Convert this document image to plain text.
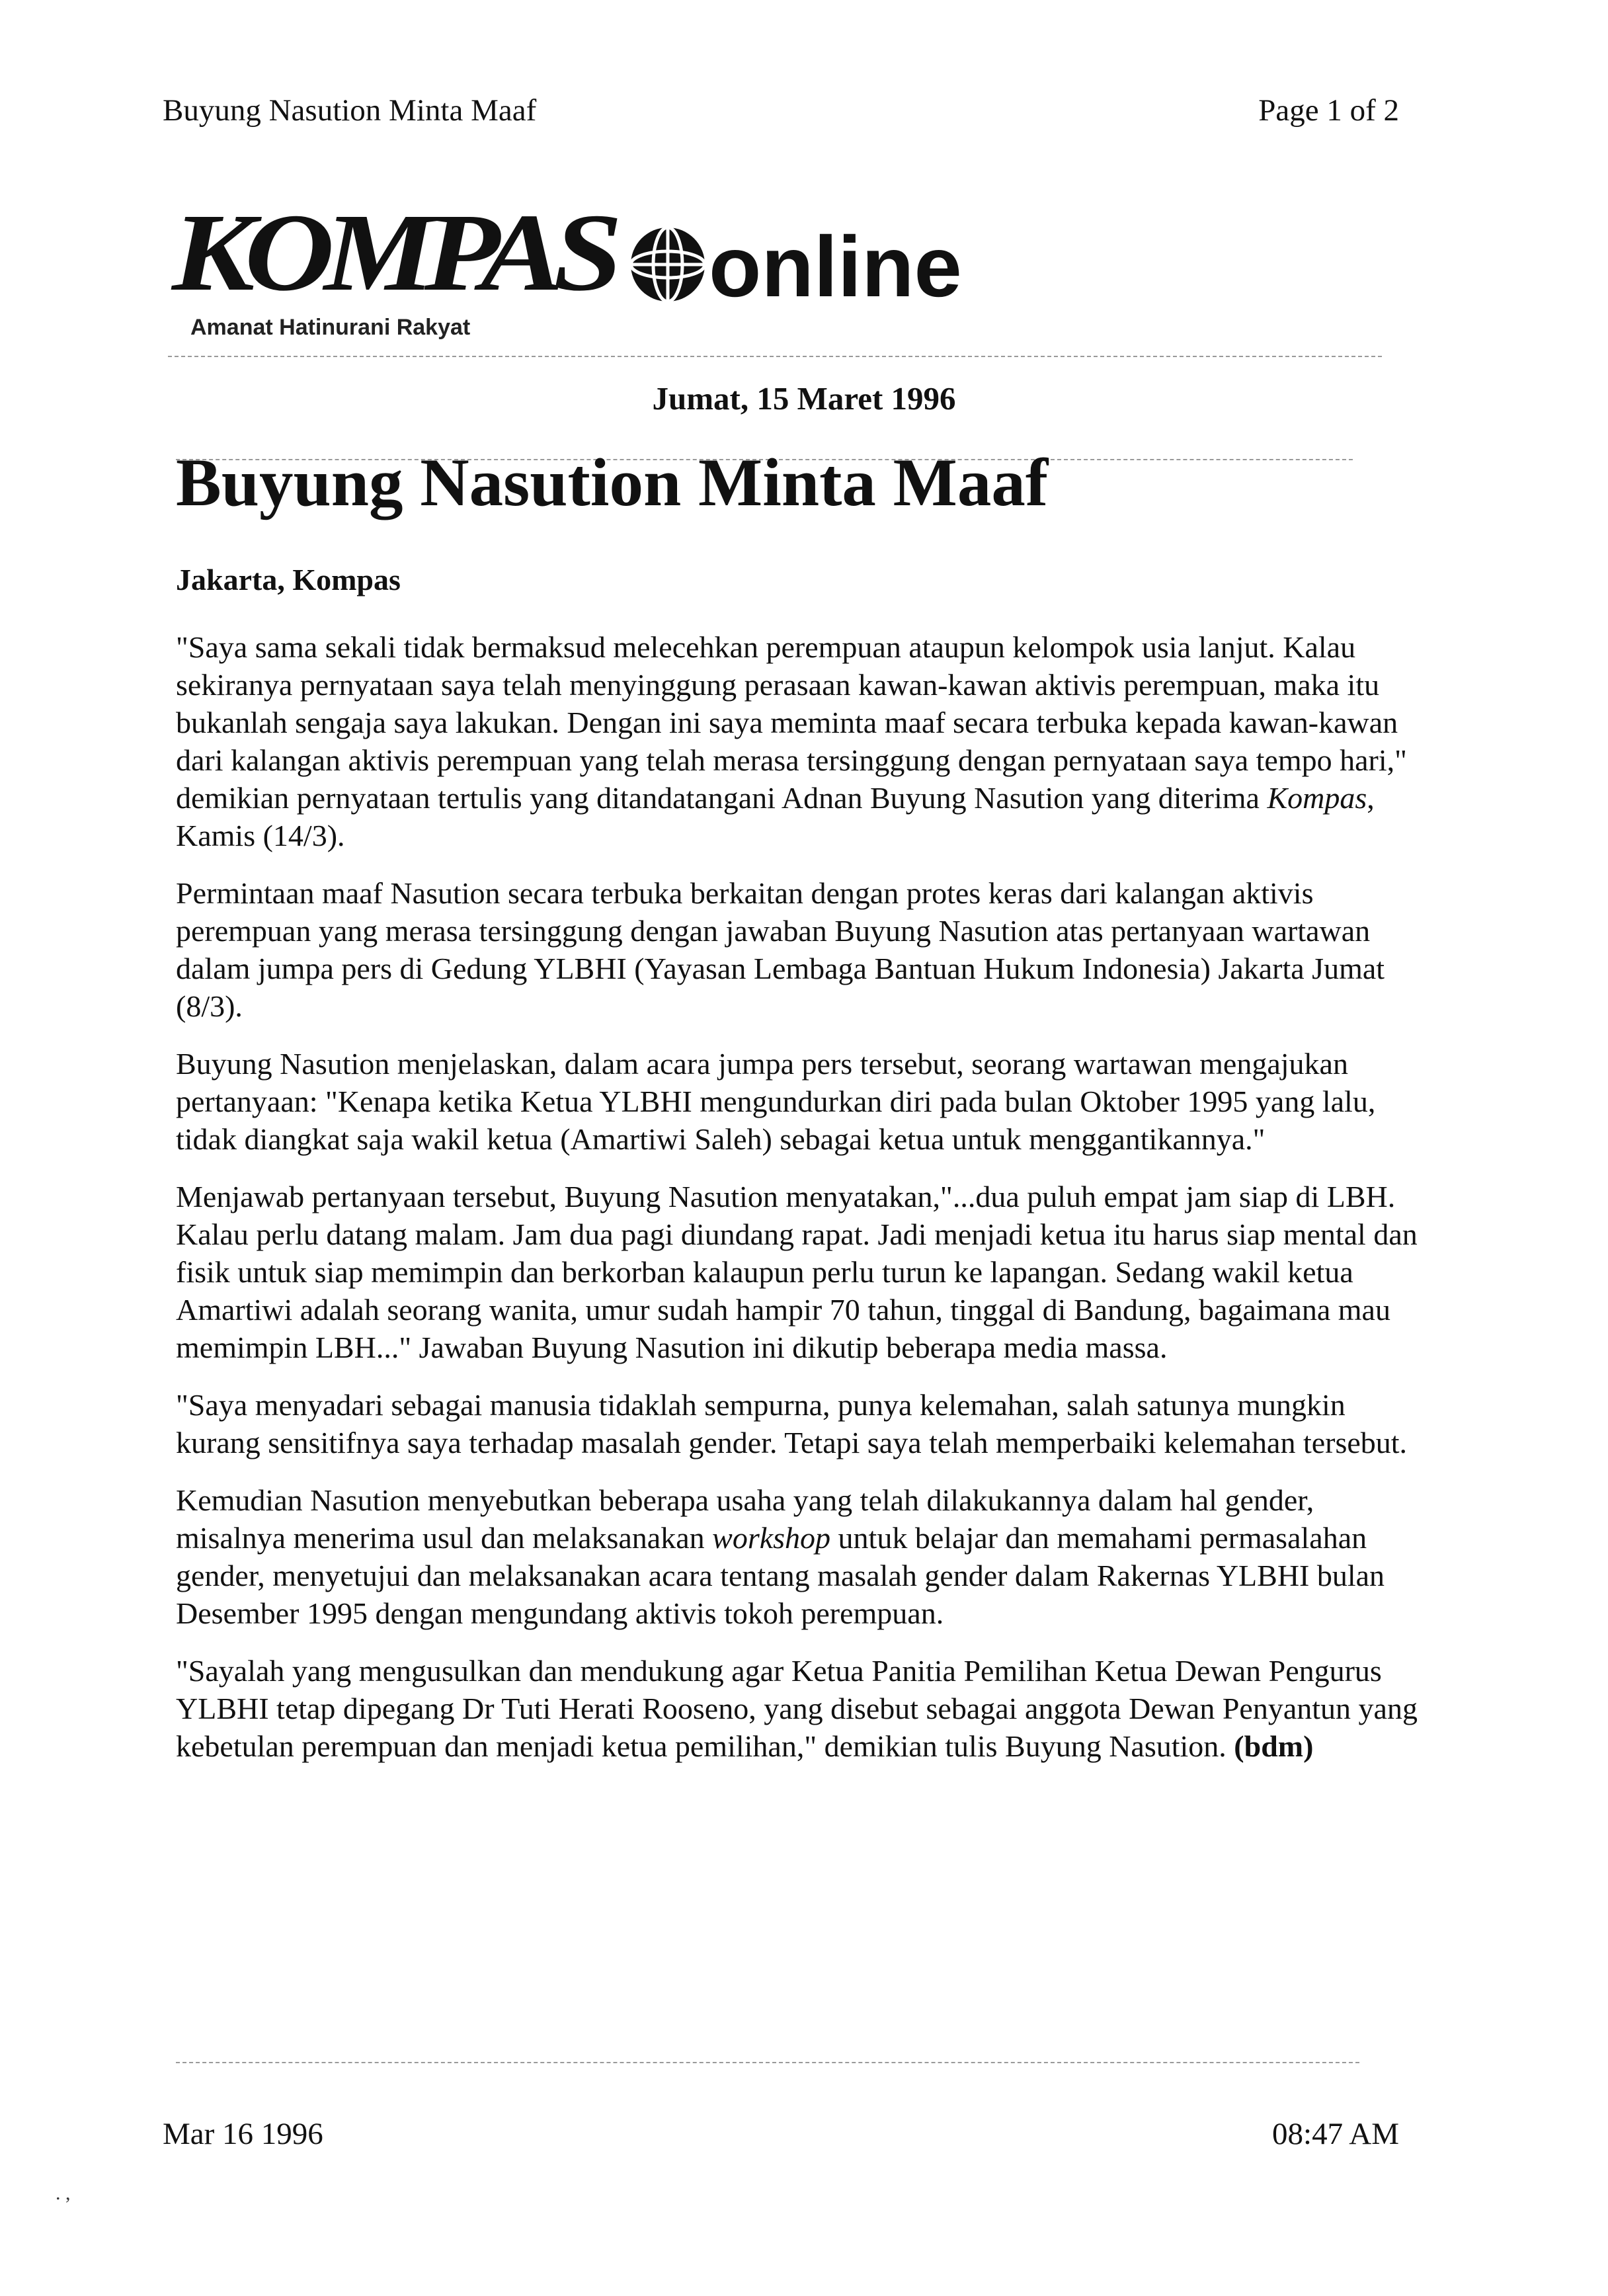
Buyung Nasution Minta Maaf	Page 1 of 2
KOMPAS online
Amanat Hatinurani Rakyat
Jumat, 15 Maret 1996
Buyung Nasution Minta Maaf
Jakarta, Kompas

"Saya sama sekali tidak bermaksud melecehkan perempuan ataupun kelompok usia lanjut. Kalau sekiranya pernyataan saya telah menyinggung perasaan kawan-kawan aktivis perempuan, maka itu bukanlah sengaja saya lakukan. Dengan ini saya meminta maaf secara terbuka kepada kawan-kawan dari kalangan aktivis perempuan yang telah merasa tersinggung dengan pernyataan saya tempo hari," demikian pernyataan tertulis yang ditandatangani Adnan Buyung Nasution yang diterima Kompas, Kamis (14/3).

Permintaan maaf Nasution secara terbuka berkaitan dengan protes keras dari kalangan aktivis perempuan yang merasa tersinggung dengan jawaban Buyung Nasution atas pertanyaan wartawan dalam jumpa pers di Gedung YLBHI (Yayasan Lembaga Bantuan Hukum Indonesia) Jakarta Jumat (8/3).

Buyung Nasution menjelaskan, dalam acara jumpa pers tersebut, seorang wartawan mengajukan pertanyaan: "Kenapa ketika Ketua YLBHI mengundurkan diri pada bulan Oktober 1995 yang lalu, tidak diangkat saja wakil ketua (Amartiwi Saleh) sebagai ketua untuk menggantikannya."

Menjawab pertanyaan tersebut, Buyung Nasution menyatakan,"...dua puluh empat jam siap di LBH. Kalau perlu datang malam. Jam dua pagi diundang rapat. Jadi menjadi ketua itu harus siap mental dan fisik untuk siap memimpin dan berkorban kalaupun perlu turun ke lapangan. Sedang wakil ketua Amartiwi adalah seorang wanita, umur sudah hampir 70 tahun, tinggal di Bandung, bagaimana mau memimpin LBH..." Jawaban Buyung Nasution ini dikutip beberapa media massa.

"Saya menyadari sebagai manusia tidaklah sempurna, punya kelemahan, salah satunya mungkin kurang sensitifnya saya terhadap masalah gender. Tetapi saya telah memperbaiki kelemahan tersebut.

Kemudian Nasution menyebutkan beberapa usaha yang telah dilakukannya dalam hal gender, misalnya menerima usul dan melaksanakan workshop untuk belajar dan memahami permasalahan gender, menyetujui dan melaksanakan acara tentang masalah gender dalam Rakernas YLBHI bulan Desember 1995 dengan mengundang aktivis tokoh perempuan.

"Sayalah yang mengusulkan dan mendukung agar Ketua Panitia Pemilihan Ketua Dewan Pengurus YLBHI tetap dipegang Dr Tuti Herati Rooseno, yang disebut sebagai anggota Dewan Penyantun yang kebetulan perempuan dan menjadi ketua pemilihan," demikian tulis Buyung Nasution. (bdm)

Mar 16 1996	08:47 AM
. ,
